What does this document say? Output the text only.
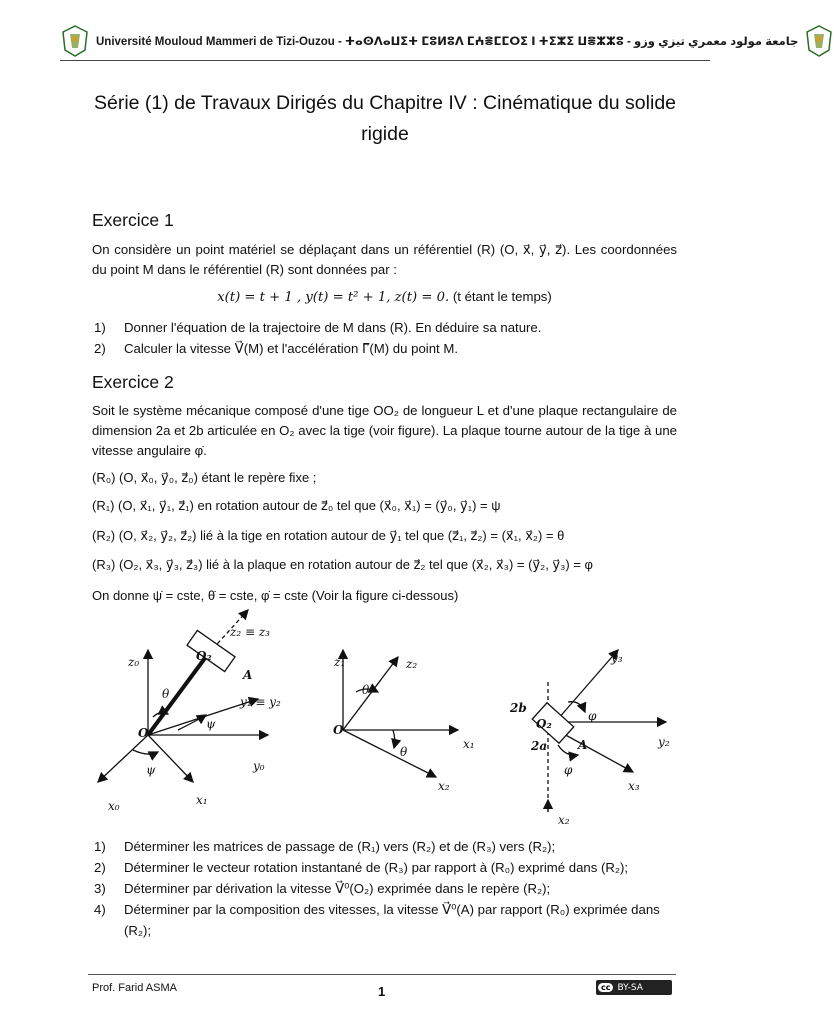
Université Mouloud Mammeri de Tizi-Ouzou - ⵜⴰⵙⴷⴰⵡⵉⵜ ⵎⵓⵍⵓⴷ ⵎⵄⴻⵎⵎⵔⵉ ⵏ ⵜⵉⵣⵉ ⵡⴻⵣⵣⵓ - جامعة مولود معمري تيزي وزو
Série (1) de Travaux Dirigés du Chapitre IV : Cinématique du solide rigide
Exercice 1
On considère un point matériel se déplaçant dans un référentiel (R) (O, x⃗, y⃗, z⃗). Les coordonnées du point M dans le référentiel (R) sont données par :
x(t) = t + 1 , y(t) = t² + 1, z(t) = 0. (t étant le temps)
1)	Donner l'équation de la trajectoire de M dans (R). En déduire sa nature.
2)	Calculer la vitesse V⃗(M) et l'accélération Γ⃗(M) du point M.
Exercice 2
Soit le système mécanique composé d'une tige OO₂ de longueur L et d'une plaque rectangulaire de dimension 2a et 2b articulée en O₂ avec la tige (voir figure). La plaque tourne autour de la tige à une vitesse angulaire φ̇.
(R₀) (O, x⃗₀, y⃗₀, z⃗₀) étant le repère fixe ;
(R₁) (O, x⃗₁, y⃗₁, z⃗₁) en rotation autour de z⃗₀ tel que (x⃗₀, x⃗₁) = (y⃗₀, y⃗₁) = ψ
(R₂) (O, x⃗₂, y⃗₂, z⃗₂) lié à la tige en rotation autour de y⃗₁ tel que (z⃗₁, z⃗₂) = (x⃗₁, x⃗₂) = θ
(R₃) (O₂, x⃗₃, y⃗₃, z⃗₃) lié à la plaque en rotation autour de z⃗₂ tel que (x⃗₂, x⃗₃) = (y⃗₂, y⃗₃) = φ
On donne ψ̇ = cste, θ̇ = cste, φ̇ = cste (Voir la figure ci-dessous)
z₂ ≡ z₃
z₀	O₂
A
θ
y₁ ≡ y₂
O
ψ
ψ	y₀
x₀	x₁
z₁	z₂
θ
O
x₁
θ
x₂
y₃
2b
φ
O₂
2a	A	y₂
φ
x₃
x₂
1)	Déterminer les matrices de passage de (R₁) vers (R₂) et de (R₃) vers (R₂);
2)	Déterminer le vecteur rotation instantané de (R₃) par rapport à (R₀) exprimé dans (R₂);
3)	Déterminer par dérivation la vitesse V⃗⁰(O₂) exprimée dans le repère (R₂);
4)	Déterminer par la composition des vitesses, la vitesse V⃗⁰(A) par rapport (R₀) exprimée dans (R₂);
Prof. Farid ASMA	1	cc BY-SA
